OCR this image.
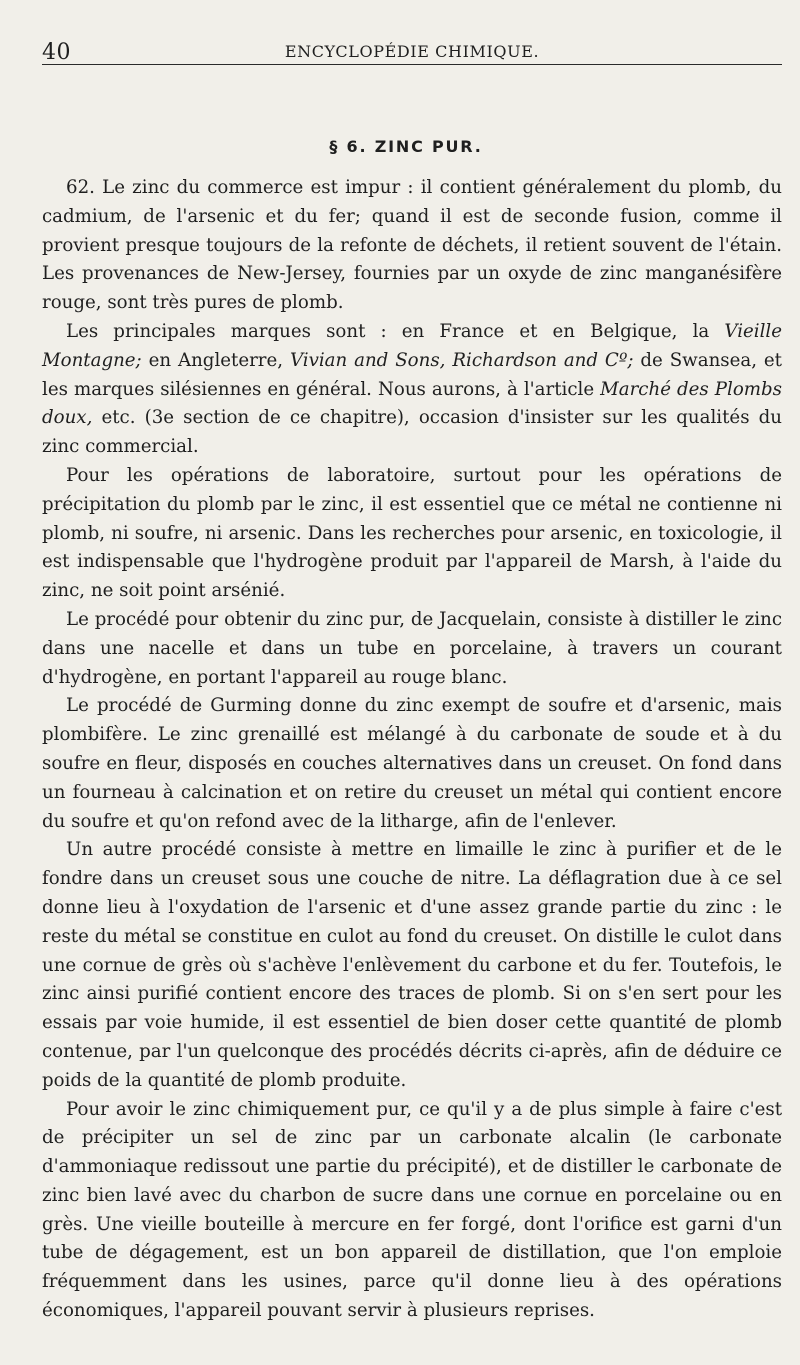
40	ENCYCLOPÉDIE CHIMIQUE.
§ 6. ZINC PUR.

62. Le zinc du commerce est impur : il contient généralement du plomb, du cadmium, de l'arsenic et du fer; quand il est de seconde fusion, comme il provient presque toujours de la refonte de déchets, il retient souvent de l'étain. Les provenances de New-Jersey, fournies par un oxyde de zinc manganésifère rouge, sont très pures de plomb.

Les principales marques sont : en France et en Belgique, la Vieille Montagne; en Angleterre, Vivian and Sons, Richardson and Cº; de Swansea, et les marques silésiennes en général. Nous aurons, à l'article Marché des Plombs doux, etc. (3e section de ce chapitre), occasion d'insister sur les qualités du zinc commercial.

Pour les opérations de laboratoire, surtout pour les opérations de précipitation du plomb par le zinc, il est essentiel que ce métal ne contienne ni plomb, ni soufre, ni arsenic. Dans les recherches pour arsenic, en toxicologie, il est indispensable que l'hydrogène produit par l'appareil de Marsh, à l'aide du zinc, ne soit point arsénié.

Le procédé pour obtenir du zinc pur, de Jacquelain, consiste à distiller le zinc dans une nacelle et dans un tube en porcelaine, à travers un courant d'hydrogène, en portant l'appareil au rouge blanc.

Le procédé de Gurming donne du zinc exempt de soufre et d'arsenic, mais plombifère. Le zinc grenaillé est mélangé à du carbonate de soude et à du soufre en fleur, disposés en couches alternatives dans un creuset. On fond dans un fourneau à calcination et on retire du creuset un métal qui contient encore du soufre et qu'on refond avec de la litharge, afin de l'enlever.

Un autre procédé consiste à mettre en limaille le zinc à purifier et de le fondre dans un creuset sous une couche de nitre. La déflagration due à ce sel donne lieu à l'oxydation de l'arsenic et d'une assez grande partie du zinc : le reste du métal se constitue en culot au fond du creuset. On distille le culot dans une cornue de grès où s'achève l'enlèvement du carbone et du fer. Toutefois, le zinc ainsi purifié contient encore des traces de plomb. Si on s'en sert pour les essais par voie humide, il est essentiel de bien doser cette quantité de plomb contenue, par l'un quelconque des procédés décrits ci-après, afin de déduire ce poids de la quantité de plomb produite.

Pour avoir le zinc chimiquement pur, ce qu'il y a de plus simple à faire c'est de précipiter un sel de zinc par un carbonate alcalin (le carbonate d'ammoniaque redissout une partie du précipité), et de distiller le carbonate de zinc bien lavé avec du charbon de sucre dans une cornue en porcelaine ou en grès. Une vieille bouteille à mercure en fer forgé, dont l'orifice est garni d'un tube de dégagement, est un bon appareil de distillation, que l'on emploie fréquemment dans les usines, parce qu'il donne lieu à des opérations économiques, l'appareil pouvant servir à plusieurs reprises.
